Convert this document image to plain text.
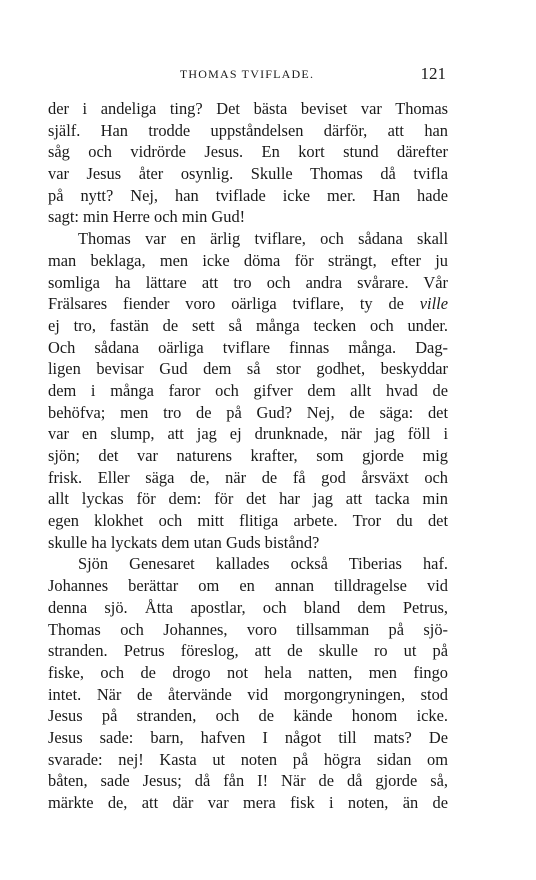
THOMAS TVIFLADE.	121
der i andeliga ting? Det bästa beviset var Thomas
själf. Han trodde uppståndelsen därför, att han
såg och vidrörde Jesus. En kort stund därefter
var Jesus åter osynlig. Skulle Thomas då tvifla
på nytt? Nej, han tviflade icke mer. Han hade
sagt: min Herre och min Gud!
Thomas var en ärlig tviflare, och sådana skall
man beklaga, men icke döma för strängt, efter ju
somliga ha lättare att tro och andra svårare. Vår
Frälsares fiender voro oärliga tviflare, ty de ville
ej tro, fastän de sett så många tecken och under.
Och sådana oärliga tviflare finnas många. Dag-
ligen bevisar Gud dem så stor godhet, beskyddar
dem i många faror och gifver dem allt hvad de
behöfva; men tro de på Gud? Nej, de säga: det
var en slump, att jag ej drunknade, när jag föll i
sjön; det var naturens krafter, som gjorde mig
frisk. Eller säga de, när de få god årsväxt och
allt lyckas för dem: för det har jag att tacka min
egen klokhet och mitt flitiga arbete. Tror du det
skulle ha lyckats dem utan Guds bistånd?
Sjön Genesaret kallades också Tiberias haf.
Johannes berättar om en annan tilldragelse vid
denna sjö. Åtta apostlar, och bland dem Petrus,
Thomas och Johannes, voro tillsamman på sjö-
stranden. Petrus föreslog, att de skulle ro ut på
fiske, och de drogo not hela natten, men fingo
intet. När de återvände vid morgongryningen, stod
Jesus på stranden, och de kände honom icke.
Jesus sade: barn, hafven I något till mats? De
svarade: nej! Kasta ut noten på högra sidan om
båten, sade Jesus; då fån I! När de då gjorde så,
märkte de, att där var mera fisk i noten, än de
